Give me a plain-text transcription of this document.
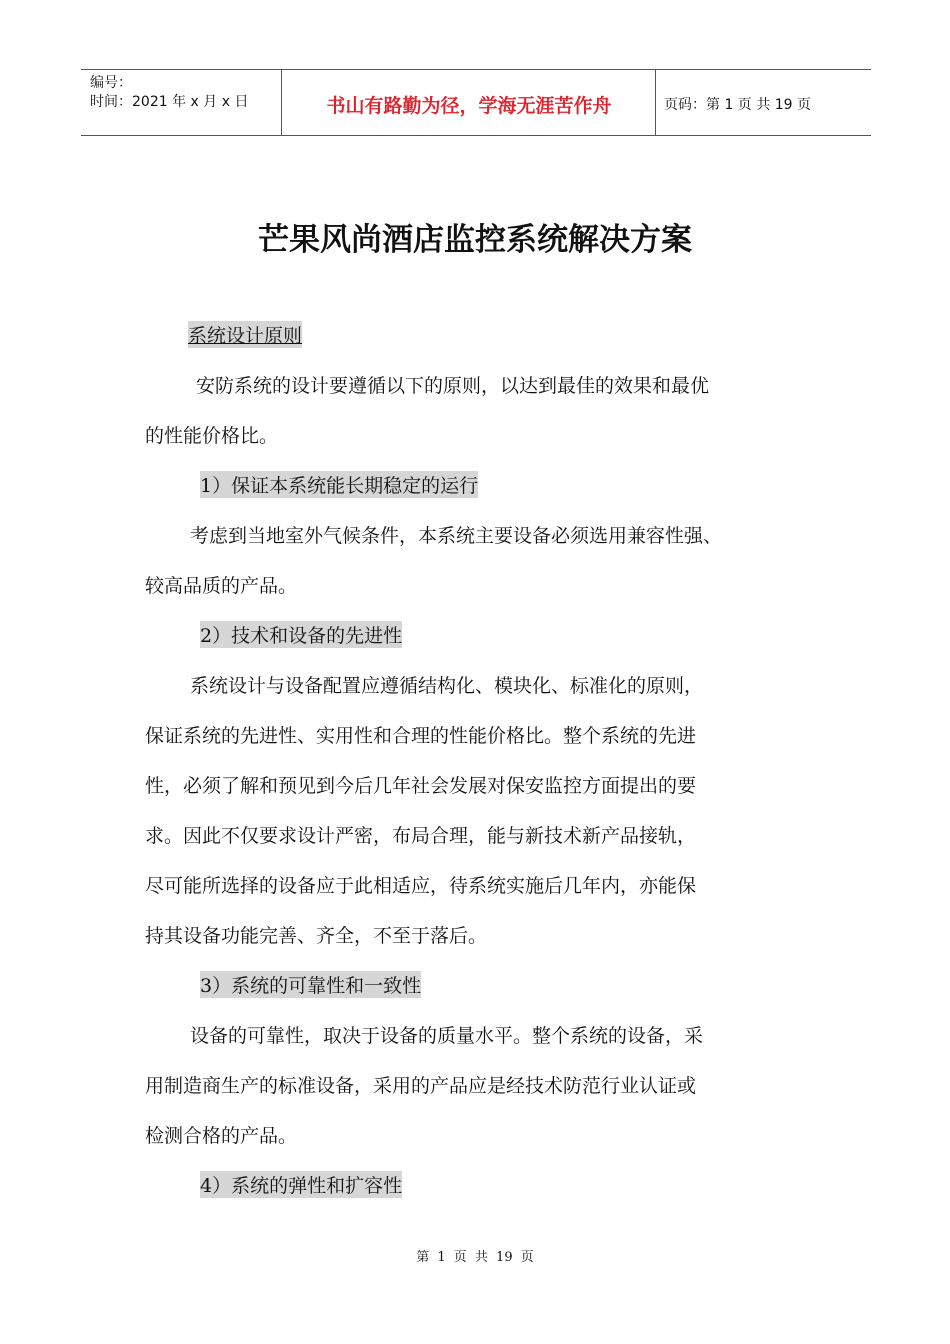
编号：
时间：2021 年 x 月 x 日	书山有路勤为径，学海无涯苦作舟	页码：第 1 页 共 19 页
芒果风尚酒店监控系统解决方案
系统设计原则
安防系统的设计要遵循以下的原则，以达到最佳的效果和最优
的性能价格比。
1）保证本系统能长期稳定的运行
考虑到当地室外气候条件，本系统主要设备必须选用兼容性强、
较高品质的产品。
2）技术和设备的先进性
系统设计与设备配置应遵循结构化、模块化、标准化的原则，
保证系统的先进性、实用性和合理的性能价格比。整个系统的先进
性，必须了解和预见到今后几年社会发展对保安监控方面提出的要
求。因此不仅要求设计严密，布局合理，能与新技术新产品接轨，
尽可能所选择的设备应于此相适应，待系统实施后几年内，亦能保
持其设备功能完善、齐全，不至于落后。
3）系统的可靠性和一致性
设备的可靠性，取决于设备的质量水平。整个系统的设备，采
用制造商生产的标准设备，采用的产品应是经技术防范行业认证或
检测合格的产品。
4）系统的弹性和扩容性
第 1 页 共 19 页
